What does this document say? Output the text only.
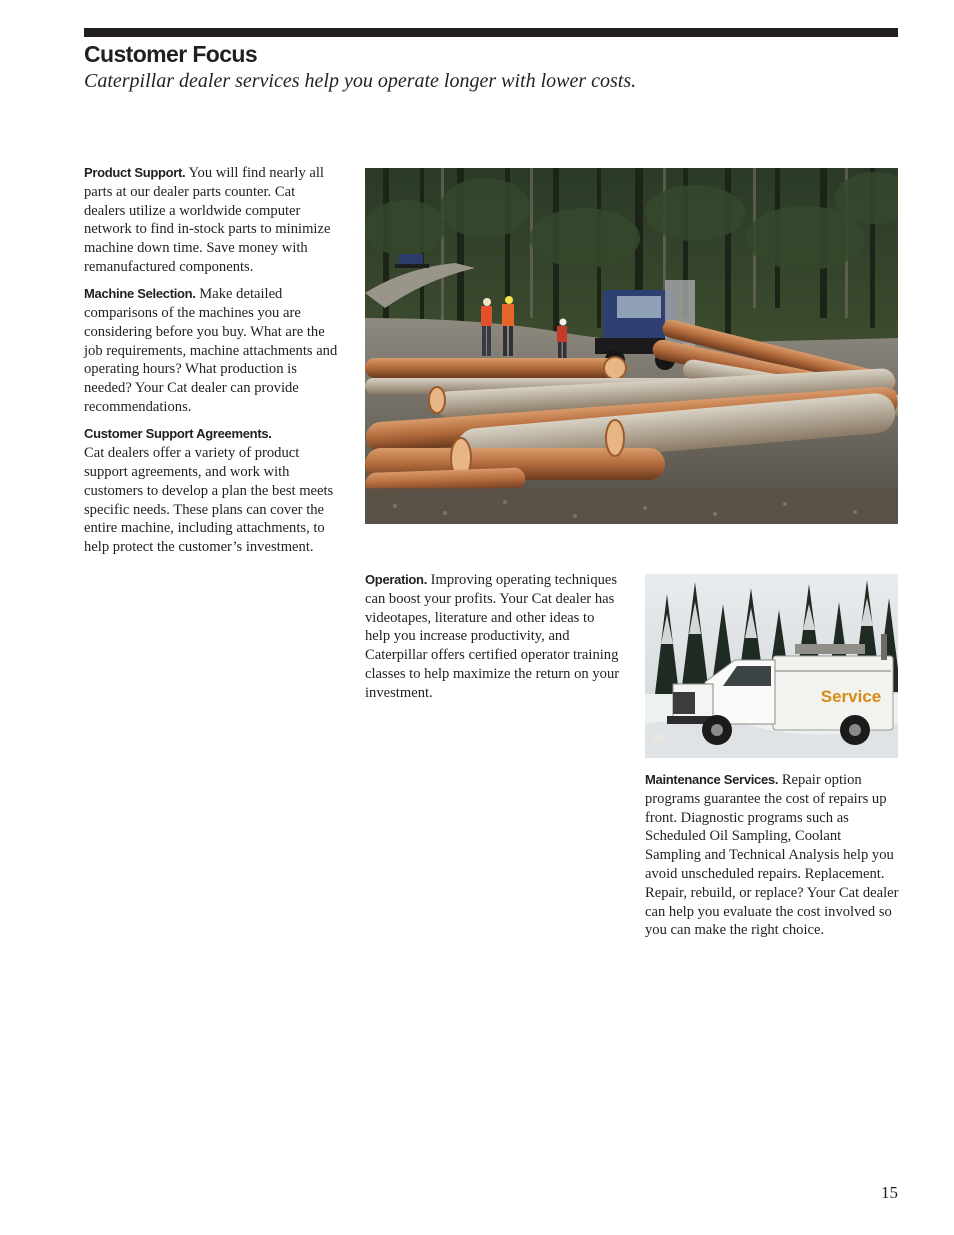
Customer Focus

Caterpillar dealer services help you operate longer with lower costs.

Product Support. You will find nearly all parts at our dealer parts counter. Cat dealers utilize a worldwide computer network to find in-stock parts to minimize machine down time. Save money with remanufactured components.

Machine Selection. Make detailed comparisons of the machines you are considering before you buy. What are the job requirements, machine attachments and operating hours? What production is needed? Your Cat dealer can provide recommendations.

Customer Support Agreements.
Cat dealers offer a variety of product support agreements, and work with customers to develop a plan the best meets specific needs. These plans can cover the entire machine, including attachments, to help protect the customer’s investment.

Operation. Improving operating techniques can boost your profits. Your Cat dealer has videotapes, literature and other ideas to help you increase productivity, and Caterpillar offers certified operator training classes to help maximize the return on your investment.	Service

Maintenance Services. Repair option programs guarantee the cost of repairs up front. Diagnostic programs such as Scheduled Oil Sampling, Coolant Sampling and Technical Analysis help you avoid unscheduled repairs. Replacement. Repair, rebuild, or replace? Your Cat dealer can help you evaluate the cost involved so you can make the right choice.

15
